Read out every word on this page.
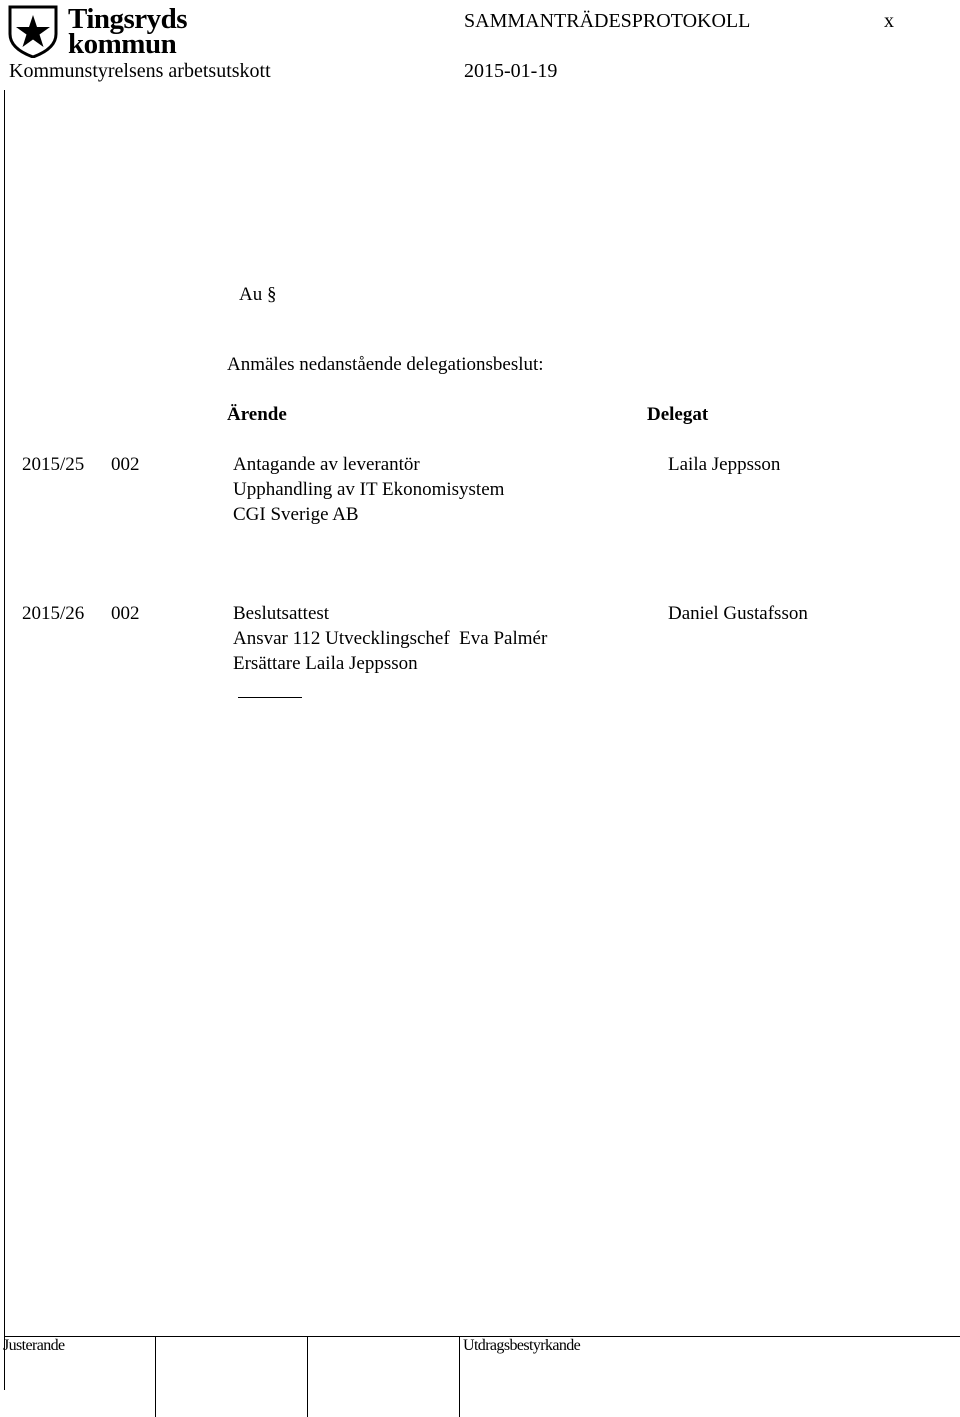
Tingsryds
kommun
SAMMANTRÄDESPROTOKOLL	x
Kommunstyrelsens arbetsutskott	2015-01-19
Au §
Anmäles nedanstående delegationsbeslut:
Ärende	Delegat
2015/25 002	Antagande av leverantör
Upphandling av IT Ekonomisystem
CGI Sverige AB
Laila Jeppsson
2015/26 002	Beslutsattest
Ansvar 112 Utvecklingschef  Eva Palmér
Ersättare Laila Jeppsson
Daniel Gustafsson
Justerande	Utdragsbestyrkande
